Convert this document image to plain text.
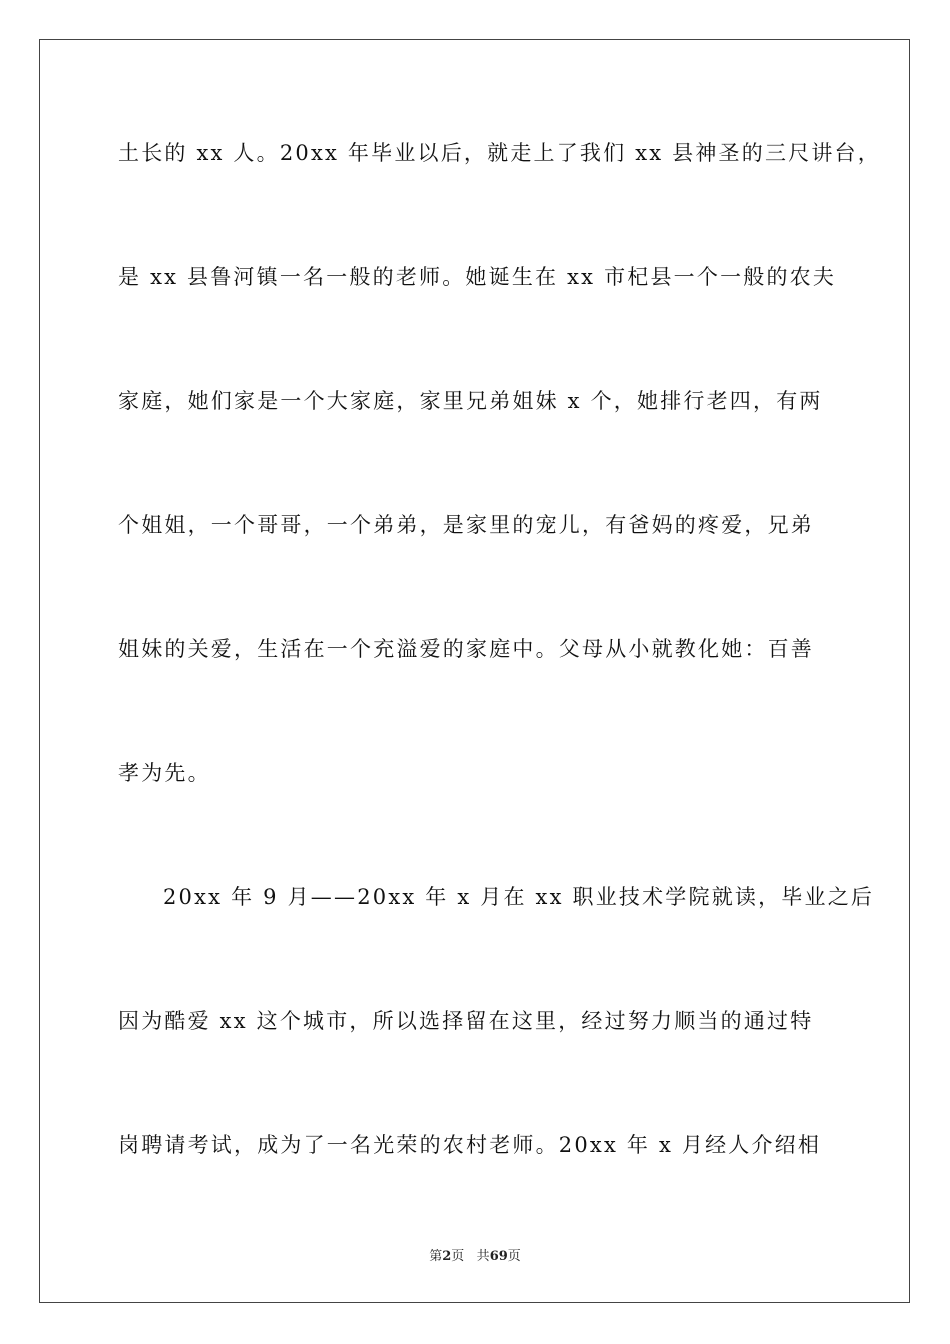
土长的 xx 人。20xx 年毕业以后，就走上了我们 xx 县神圣的三尺讲台，
是 xx 县鲁河镇一名一般的老师。她诞生在 xx 市杞县一个一般的农夫
家庭，她们家是一个大家庭，家里兄弟姐妹 x 个，她排行老四，有两
个姐姐，一个哥哥，一个弟弟，是家里的宠儿，有爸妈的疼爱，兄弟
姐妹的关爱，生活在一个充溢爱的家庭中。父母从小就教化她：百善
孝为先。
20xx 年 9 月——20xx 年 x 月在 xx 职业技术学院就读，毕业之后
因为酷爱 xx 这个城市，所以选择留在这里，经过努力顺当的通过特
岗聘请考试，成为了一名光荣的农村老师。20xx 年 x 月经人介绍相
第2页 共69页
